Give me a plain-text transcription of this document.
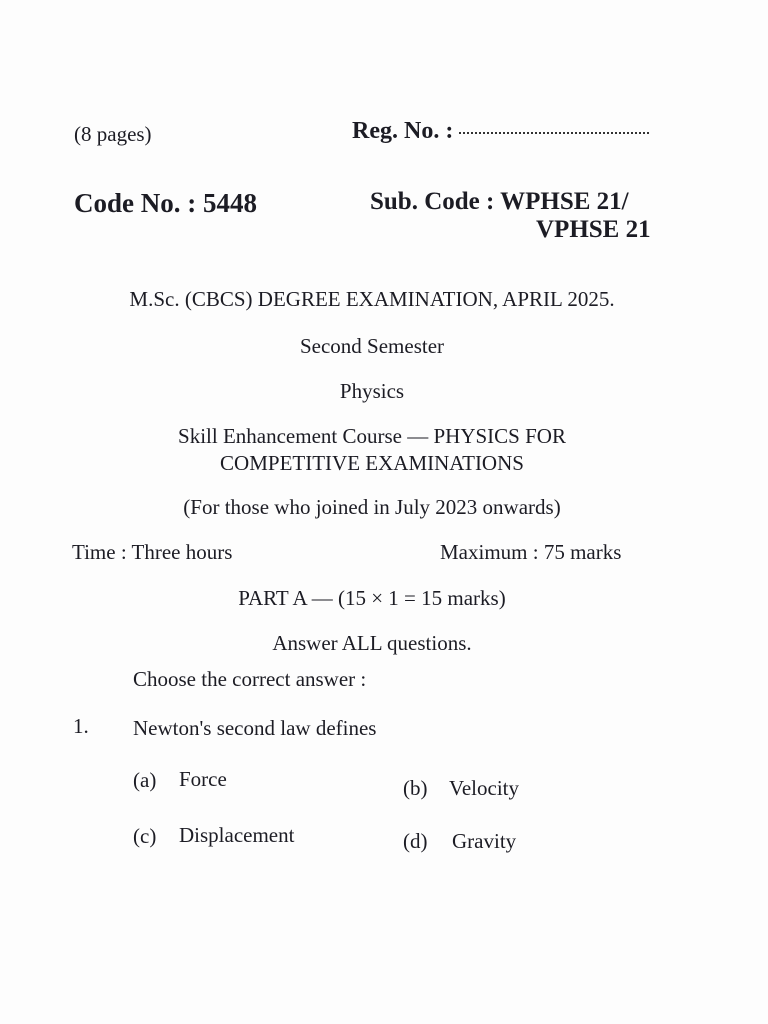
(8 pages)	Reg. No. :
Code No. : 5448	Sub. Code : WPHSE 21/
VPHSE 21
M.Sc. (CBCS) DEGREE EXAMINATION, APRIL 2025.
Second Semester
Physics
Skill Enhancement Course — PHYSICS FOR
COMPETITIVE EXAMINATIONS
(For those who joined in July 2023 onwards)
Time : Three hours	Maximum : 75 marks
PART A — (15 × 1 = 15 marks)
Answer ALL questions.
Choose the correct answer :
1. Newton's second law defines
(a) Force	(b) Velocity
(c) Displacement	(d) Gravity
